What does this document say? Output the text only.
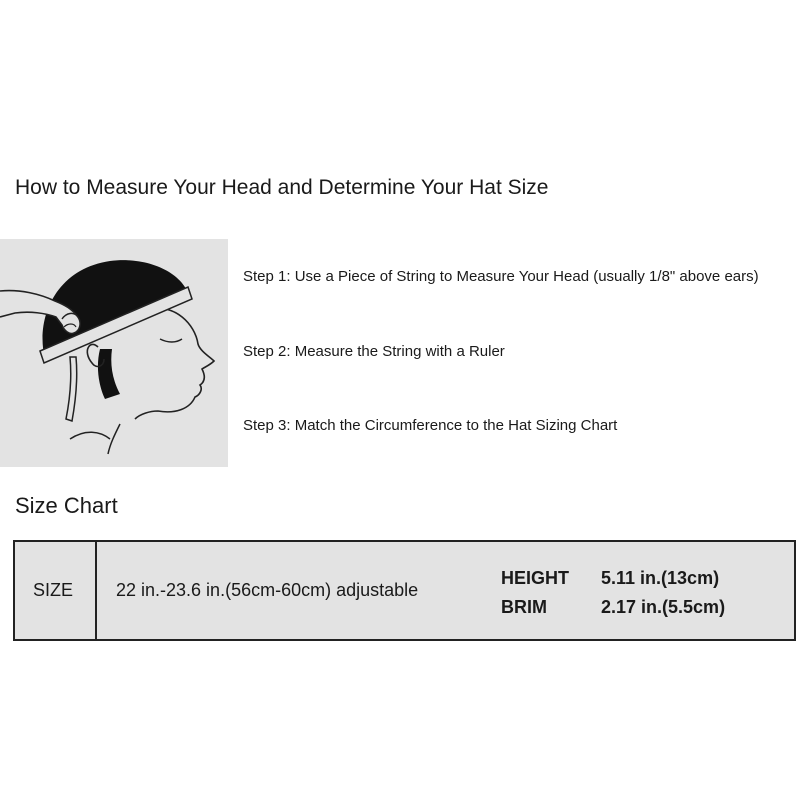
How to Measure Your Head and Determine Your Hat Size
Step 1: Use a Piece of String to Measure Your Head (usually 1/8" above ears)
Step 2: Measure the String with a Ruler
Step 3: Match the Circumference to the Hat Sizing Chart
Size Chart
SIZE 22 in.-23.6 in.(56cm-60cm) adjustable
HEIGHT 5.11 in.(13cm)
BRIM	2.17 in.(5.5cm)
